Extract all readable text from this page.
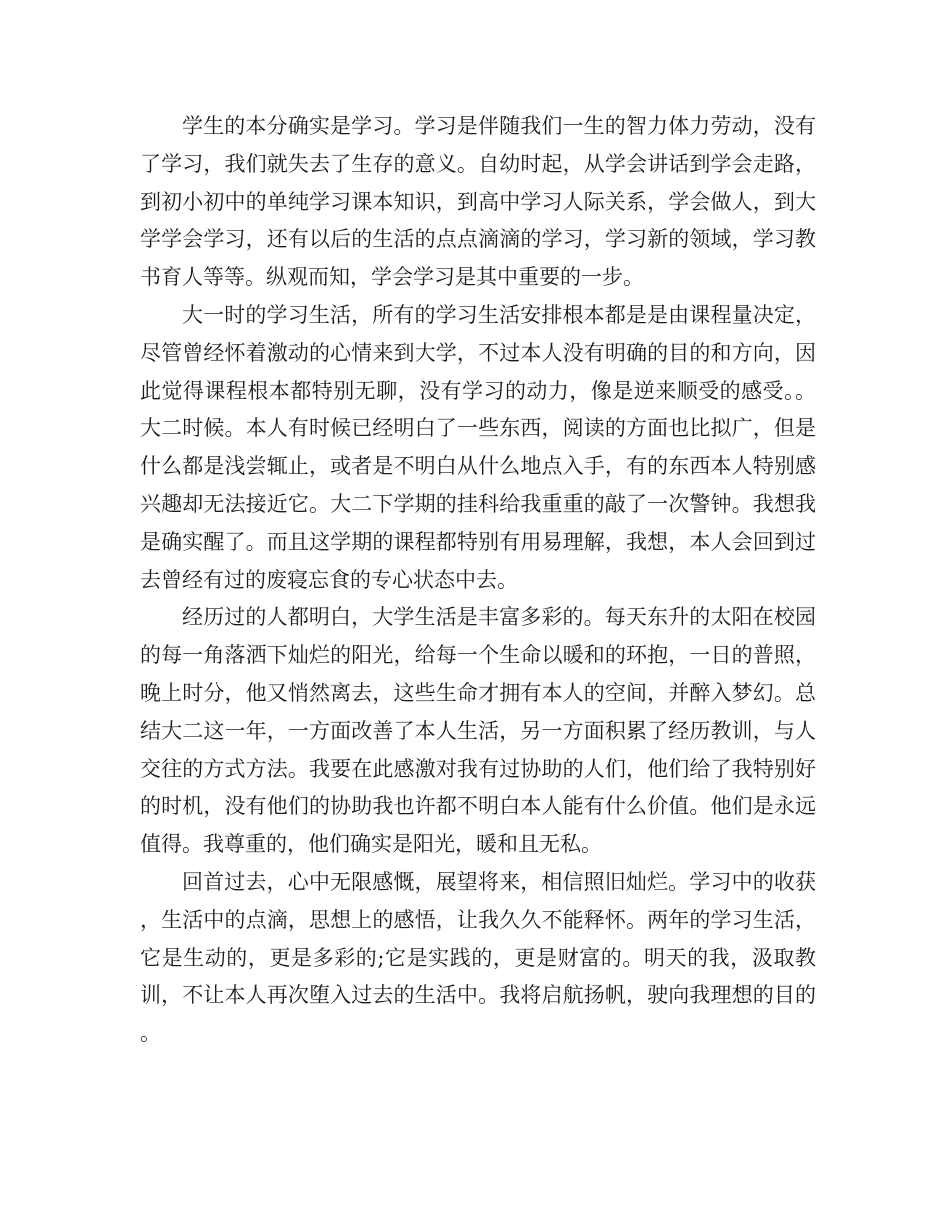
学生的本分确实是学习。学习是伴随我们一生的智力体力劳动，没有了学习，我们就失去了生存的意义。自幼时起，从学会讲话到学会走路，到初小初中的单纯学习课本知识，到高中学习人际关系，学会做人，到大学学会学习，还有以后的生活的点点滴滴的学习，学习新的领域，学习教书育人等等。纵观而知，学会学习是其中重要的一步。

大一时的学习生活，所有的学习生活安排根本都是是由课程量决定，尽管曾经怀着激动的心情来到大学，不过本人没有明确的目的和方向，因此觉得课程根本都特别无聊，没有学习的动力，像是逆来顺受的感受。。大二时候。本人有时候已经明白了一些东西，阅读的方面也比拟广，但是什么都是浅尝辄止，或者是不明白从什么地点入手，有的东西本人特别感兴趣却无法接近它。大二下学期的挂科给我重重的敲了一次警钟。我想我是确实醒了。而且这学期的课程都特别有用易理解，我想，本人会回到过去曾经有过的废寝忘食的专心状态中去。

经历过的人都明白，大学生活是丰富多彩的。每天东升的太阳在校园的每一角落洒下灿烂的阳光，给每一个生命以暖和的环抱，一日的普照，晚上时分，他又悄然离去，这些生命才拥有本人的空间，并醉入梦幻。总结大二这一年，一方面改善了本人生活，另一方面积累了经历教训，与人交往的方式方法。我要在此感激对我有过协助的人们，他们给了我特别好的时机，没有他们的协助我也许都不明白本人能有什么价值。他们是永远值得。我尊重的，他们确实是阳光，暖和且无私。

回首过去，心中无限感慨，展望将来，相信照旧灿烂。学习中的收获，生活中的点滴，思想上的感悟，让我久久不能释怀。两年的学习生活，它是生动的，更是多彩的;它是实践的，更是财富的。明天的我，汲取教训，不让本人再次堕入过去的生活中。我将启航扬帆，驶向我理想的目的。
